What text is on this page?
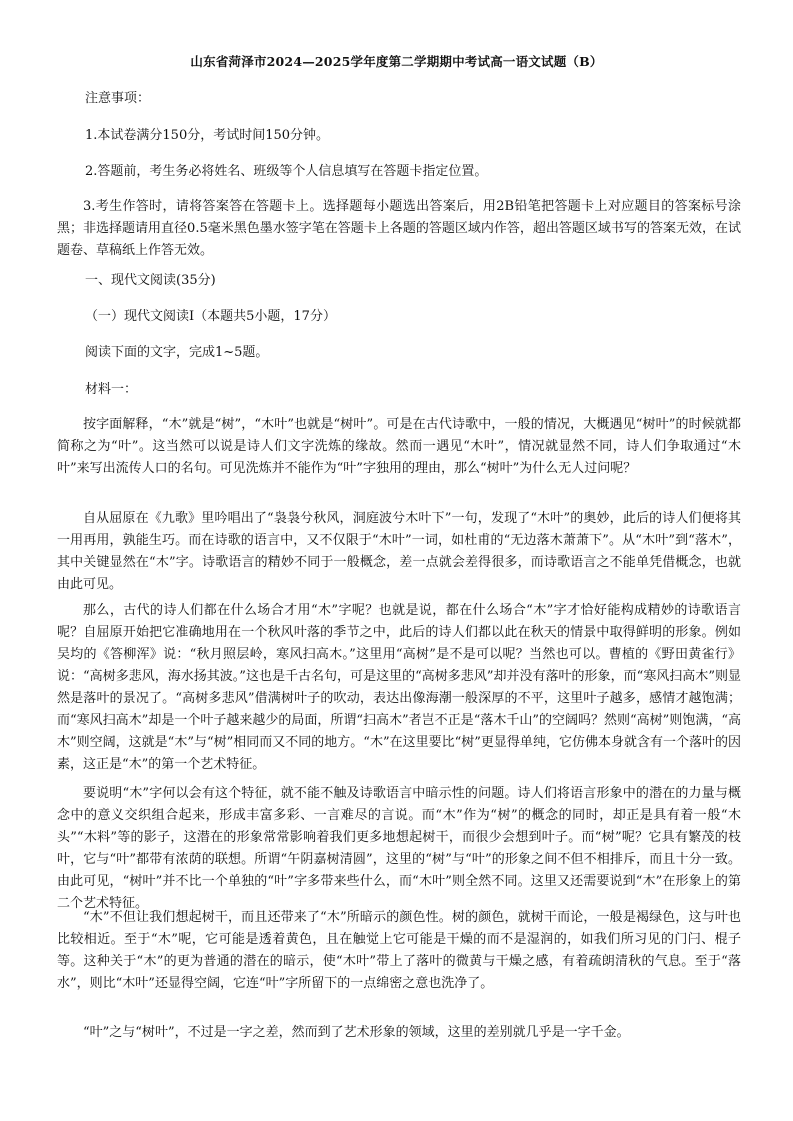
山东省菏泽市2024—2025学年度第二学期期中考试高一语文试题（B）

注意事项：

1.本试卷满分150分，考试时间150分钟。

2.答题前，考生务必将姓名、班级等个人信息填写在答题卡指定位置。

3.考生作答时，请将答案答在答题卡上。选择题每小题选出答案后，用2B铅笔把答题卡上对应题目的答案标号涂黑；非选择题请用直径0.5毫米黑色墨水签字笔在答题卡上各题的答题区域内作答，超出答题区域书写的答案无效，在试题卷、草稿纸上作答无效。

一、现代文阅读(35分)

（一）现代文阅读Ⅰ（本题共5小题，17分）

阅读下面的文字，完成1~5题。

材料一：

按字面解释，“木”就是“树”，“木叶”也就是“树叶”。可是在古代诗歌中，一般的情况，大概遇见“树叶”的时候就都简称之为“叶”。这当然可以说是诗人们文字洗炼的缘故。然而一遇见“木叶”，情况就显然不同，诗人们争取通过“木叶”来写出流传人口的名句。可见洗炼并不能作为“叶”字独用的理由，那么“树叶”为什么无人过问呢？

自从屈原在《九歌》里吟唱出了“袅袅兮秋风，洞庭波兮木叶下”一句，发现了“木叶”的奥妙，此后的诗人们便将其一用再用，孰能生巧。而在诗歌的语言中，又不仅限于“木叶”一词，如杜甫的“无边落木萧萧下”。从“木叶”到“落木”，其中关键显然在“木”字。诗歌语言的精妙不同于一般概念，差一点就会差得很多，而诗歌语言之不能单凭借概念，也就由此可见。

那么，古代的诗人们都在什么场合才用“木”字呢？也就是说，都在什么场合“木”字才恰好能构成精妙的诗歌语言呢？自屈原开始把它准确地用在一个秋风叶落的季节之中，此后的诗人们都以此在秋天的情景中取得鲜明的形象。例如吴均的《答柳浑》说：“秋月照层岭，寒风扫高木。”这里用“高树”是不是可以呢？当然也可以。曹植的《野田黄雀行》说：“高树多悲风，海水扬其波。”这也是千古名句，可是这里的“高树多悲风”却并没有落叶的形象，而“寒风扫高木”则显然是落叶的景况了。“高树多悲风”借满树叶子的吹动，表达出像海潮一般深厚的不平，这里叶子越多，感情才越饱满；而“寒风扫高木”却是一个叶子越来越少的局面，所谓“扫高木”者岂不正是“落木千山”的空阔吗？然则“高树”则饱满，“高木”则空阔，这就是“木”与“树”相同而又不同的地方。“木”在这里要比“树”更显得单纯，它仿佛本身就含有一个落叶的因素，这正是“木”的第一个艺术特征。

要说明“木”字何以会有这个特征，就不能不触及诗歌语言中暗示性的问题。诗人们将语言形象中的潜在的力量与概念中的意义交织组合起来，形成丰富多彩、一言难尽的言说。而“木”作为“树”的概念的同时，却正是具有着一般“木头”“木料”等的影子，这潜在的形象常常影响着我们更多地想起树干，而很少会想到叶子。而“树”呢？它具有繁茂的枝叶，它与“叶”都带有浓荫的联想。所谓“午阴嘉树清圆”，这里的“树”与“叶”的形象之间不但不相排斥，而且十分一致。由此可见，“树叶”并不比一个单独的“叶”字多带来些什么，而“木叶”则全然不同。这里又还需要说到“木”在形象上的第二个艺术特征。

“木”不但让我们想起树干，而且还带来了“木”所暗示的颜色性。树的颜色，就树干而论，一般是褐绿色，这与叶也比较相近。至于“木”呢，它可能是透着黄色，且在触觉上它可能是干燥的而不是湿润的，如我们所习见的门闩、棍子等。这种关于“木”的更为普通的潜在的暗示，使“木叶”带上了落叶的微黄与干燥之感，有着疏朗清秋的气息。至于“落水”，则比“木叶”还显得空阔，它连“叶”字所留下的一点绵密之意也洗净了。

“叶”之与“树叶”，不过是一字之差，然而到了艺术形象的领域，这里的差别就几乎是一字千金。
